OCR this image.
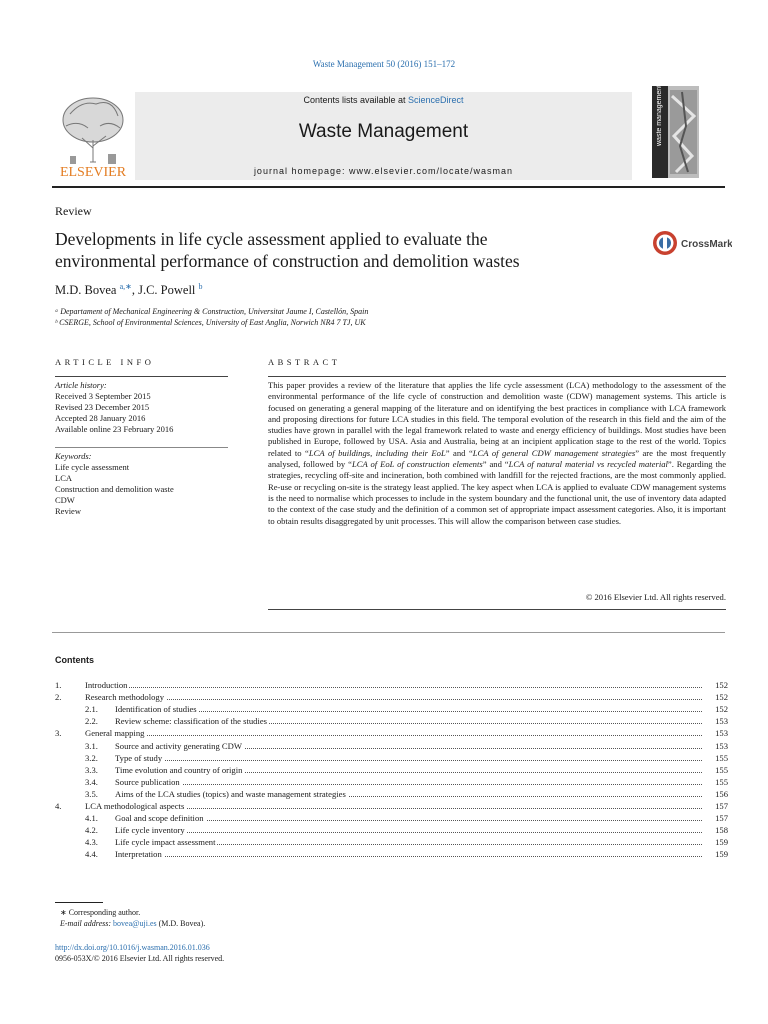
Waste Management 50 (2016) 151–172
ELSEVIER
Contents lists available at ScienceDirect
Waste Management
journal homepage: www.elsevier.com/locate/wasman
waste management
Review
Developments in life cycle assessment applied to evaluate the
environmental performance of construction and demolition wastes
CrossMark
M.D. Bovea $^{a,∗}$, J.C. Powell $^b$
ᵃ Departament of Mechanical Engineering & Construction, Universitat Jaume I, Castellón, Spain
ᵇ CSERGE, School of Environmental Sciences, University of East Anglia, Norwich NR4 7 TJ, UK
ARTICLE INFO	ABSTRACT
Article history:
Received 3 September 2015
Revised 23 December 2015
Accepted 28 January 2016
Available online 23 February 2016
Keywords:
Life cycle assessment
LCA
Construction and demolition waste
CDW
Review

This paper provides a review of the literature that applies the life cycle assessment (LCA) methodology to the assessment of the environmental performance of the life cycle of construction and demolition waste (CDW) management systems. This article is focused on generating a general mapping of the literature and on identifying the best practices in compliance with LCA framework and proposing directions for future LCA studies in this field. The temporal evolution of the research in this field and the aim of the studies have grown in parallel with the legal framework related to waste and energy efficiency of buildings. Most studies have been published in Europe, followed by USA. Asia and Australia, being at an incipient application stage to the rest of the world. Topics related to “LCA of buildings, including their EoL” and “LCA of general CDW management strategies” are the most frequently analysed, followed by “LCA of EoL of construction elements” and “LCA of natural material vs recycled material”. Regarding the strategies, recycling off-site and incineration, both combined with landfill for the rejected fractions, are the most commonly applied. Re-use or recycling on-site is the strategy least applied. The key aspect when LCA is applied to evaluate CDW management systems is the need to normalise which processes to include in the system boundary and the functional unit, the use of inventory data adapted to the context of the case study and the definition of a common set of appropriate impact assessment categories. Also, it is important to obtain results disaggregated by unit processes. This will allow the comparison between case studies.

© 2016 Elsevier Ltd. All rights reserved.
Contents
1.	Introduction	152
2.	Research methodology	152
2.1. Identification of studies	152
2.2. Review scheme: classification of the studies	153
3.	General mapping	153
3.1. Source and activity generating CDW	153
3.2. Type of study	155
3.3. Time evolution and country of origin	155
3.4. Source publication	155
3.5. Aims of the LCA studies (topics) and waste management strategies	156
4.	LCA methodological aspects	157
4.1. Goal and scope definition	157
4.2. Life cycle inventory	158
4.3. Life cycle impact assessment	159
4.4. Interpretation	159
∗ Corresponding author.
E-mail address: bovea@uji.es (M.D. Bovea).
http://dx.doi.org/10.1016/j.wasman.2016.01.036
0956-053X/© 2016 Elsevier Ltd. All rights reserved.
